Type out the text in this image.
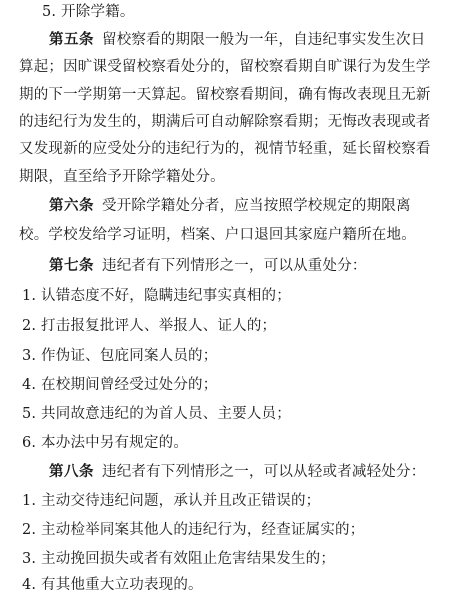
5. 开除学籍。
第五条 留校察看的期限一般为一年，自违纪事实发生次日
算起；因旷课受留校察看处分的，留校察看期自旷课行为发生学
期的下一学期第一天算起。留校察看期间，确有悔改表现且无新
的违纪行为发生的，期满后可自动解除察看期；无悔改表现或者
又发现新的应受处分的违纪行为的，视情节轻重，延长留校察看
期限，直至给予开除学籍处分。
第六条 受开除学籍处分者，应当按照学校规定的期限离
校。学校发给学习证明，档案、户口退回其家庭户籍所在地。
第七条 违纪者有下列情形之一，可以从重处分：
1. 认错态度不好，隐瞒违纪事实真相的；
2. 打击报复批评人、举报人、证人的；
3. 作伪证、包庇同案人员的；
4. 在校期间曾经受过处分的；
5. 共同故意违纪的为首人员、主要人员；
6. 本办法中另有规定的。
第八条 违纪者有下列情形之一，可以从轻或者减轻处分：
1. 主动交待违纪问题，承认并且改正错误的；
2. 主动检举同案其他人的违纪行为，经查证属实的；
3. 主动挽回损失或者有效阻止危害结果发生的；
4. 有其他重大立功表现的。
